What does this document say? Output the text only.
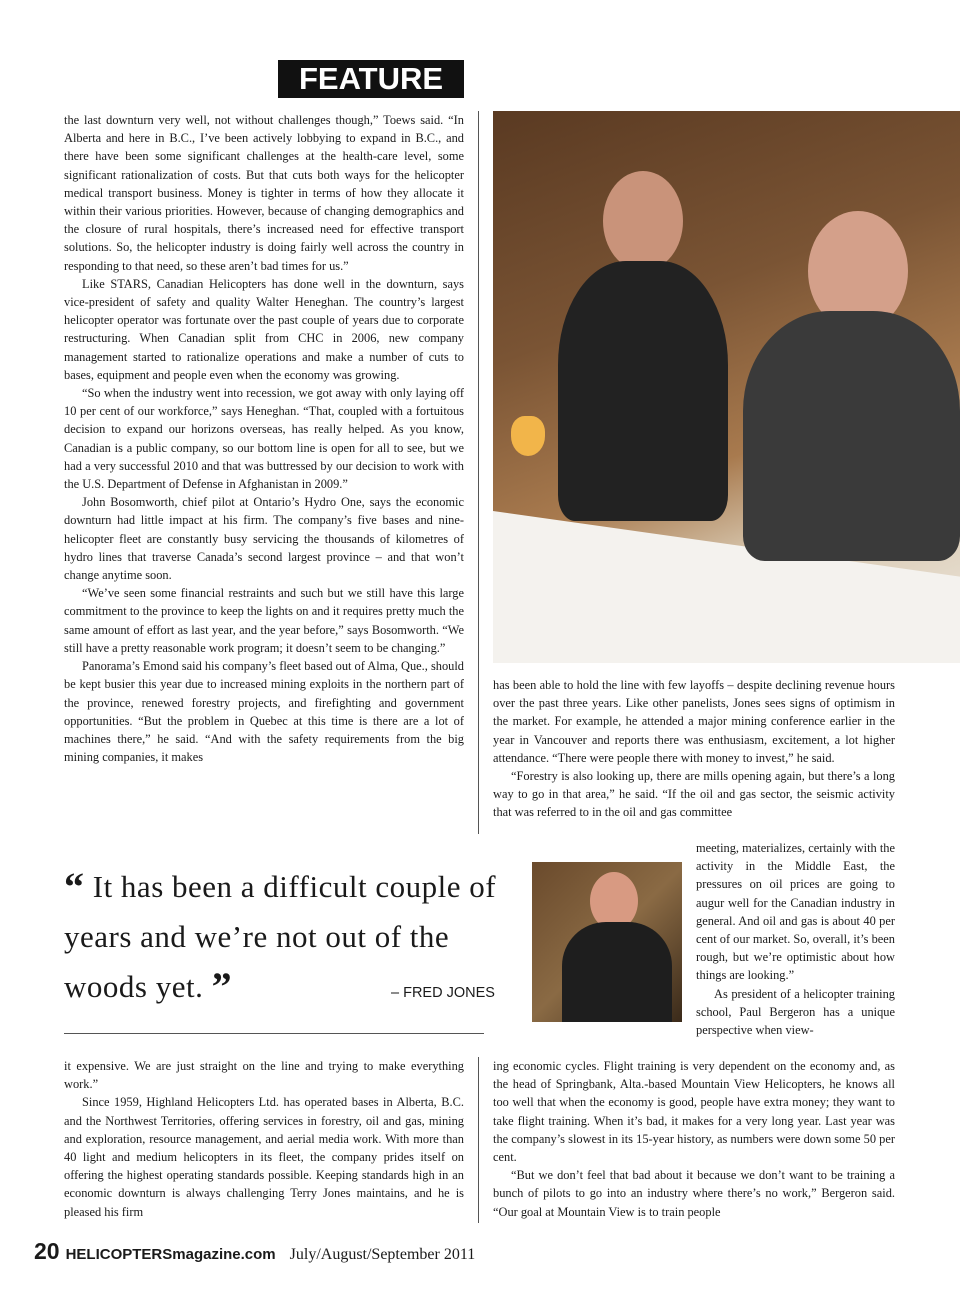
FEATURE

the last downturn very well, not without challenges though,” Toews said. “In Alberta and here in B.C., I’ve been actively lobbying to expand in B.C., and there have been some significant challenges at the health-care level, some significant rationalization of costs. But that cuts both ways for the helicopter medical transport business. Money is tighter in terms of how they allocate it within their various priorities. However, because of changing demographics and the closure of rural hospitals, there’s increased need for effective transport solutions. So, the helicopter industry is doing fairly well across the country in responding to that need, so these aren’t bad times for us.”

Like STARS, Canadian Helicopters has done well in the downturn, says vice-president of safety and quality Walter Heneghan. The country’s largest helicopter operator was fortunate over the past couple of years due to corporate restructuring. When Canadian split from CHC in 2006, new company management started to rationalize operations and make a number of cuts to bases, equipment and people even when the economy was growing.

“So when the industry went into recession, we got away with only laying off 10 per cent of our workforce,” says Heneghan. “That, coupled with a fortuitous decision to expand our horizons overseas, has really helped. As you know, Canadian is a public company, so our bottom line is open for all to see, but we had a very successful 2010 and that was buttressed by our decision to work with the U.S. Department of Defense in Afghanistan in 2009.”

John Bosomworth, chief pilot at Ontario’s Hydro One, says the economic downturn had little impact at his firm. The company’s five bases and nine-helicopter fleet are constantly busy servicing the thousands of kilometres of hydro lines that traverse Canada’s second largest province – and that won’t change anytime soon.

“We’ve seen some financial restraints and such but we still have this large commitment to the province to keep the lights on and it requires pretty much the same amount of effort as last year, and the year before,” says Bosomworth. “We still have a pretty reasonable work program; it doesn’t seem to be changing.”

Panorama’s Emond said his company’s fleet based out of Alma, Que., should be kept busier this year due to increased mining exploits in the northern part of the province, renewed forestry projects, and firefighting and government opportunities. “But the problem in Quebec at this time is there are a lot of machines there,” he said. “And with the safety requirements from the big mining companies, it makes

has been able to hold the line with few layoffs – despite declining revenue hours over the past three years. Like other panelists, Jones sees signs of optimism in the market. For example, he attended a major mining conference earlier in the year in Vancouver and reports there was enthusiasm, excitement, a lot higher attendance. “There were people there with money to invest,” he said.

“Forestry is also looking up, there are mills opening again, but there’s a long way to go in that area,” he said. “If the oil and gas sector, the seismic activity that was referred to in the oil and gas committee

meeting, materializes, certainly with the activity in the Middle East, the pressures on oil prices are going to augur well for the Canadian industry in general. And oil and gas is about 40 per cent of our market. So, overall, it’s been rough, but we’re optimistic about how things are looking.”

As president of a helicopter training school, Paul Bergeron has a unique perspective when view-

“ It has been a difficult couple of years and we’re not out of the woods yet. ”	– FRED JONES

it expensive. We are just straight on the line and trying to make everything work.”

Since 1959, Highland Helicopters Ltd. has operated bases in Alberta, B.C. and the Northwest Territories, offering services in forestry, oil and gas, mining and exploration, resource management, and aerial media work. With more than 40 light and medium helicopters in its fleet, the company prides itself on offering the highest operating standards possible. Keeping standards high in an economic downturn is always challenging Terry Jones maintains, and he is pleased his firm

ing economic cycles. Flight training is very dependent on the economy and, as the head of Springbank, Alta.-based Mountain View Helicopters, he knows all too well that when the economy is good, people have extra money; they want to take flight training. When it’s bad, it makes for a very long year. Last year was the company’s slowest in its 15-year history, as numbers were down some 50 per cent.

“But we don’t feel that bad about it because we don’t want to be training a bunch of pilots to go into an industry where there’s no work,” Bergeron said. “Our goal at Mountain View is to train people

20 HELICOPTERSmagazine.com July/August/September 2011
